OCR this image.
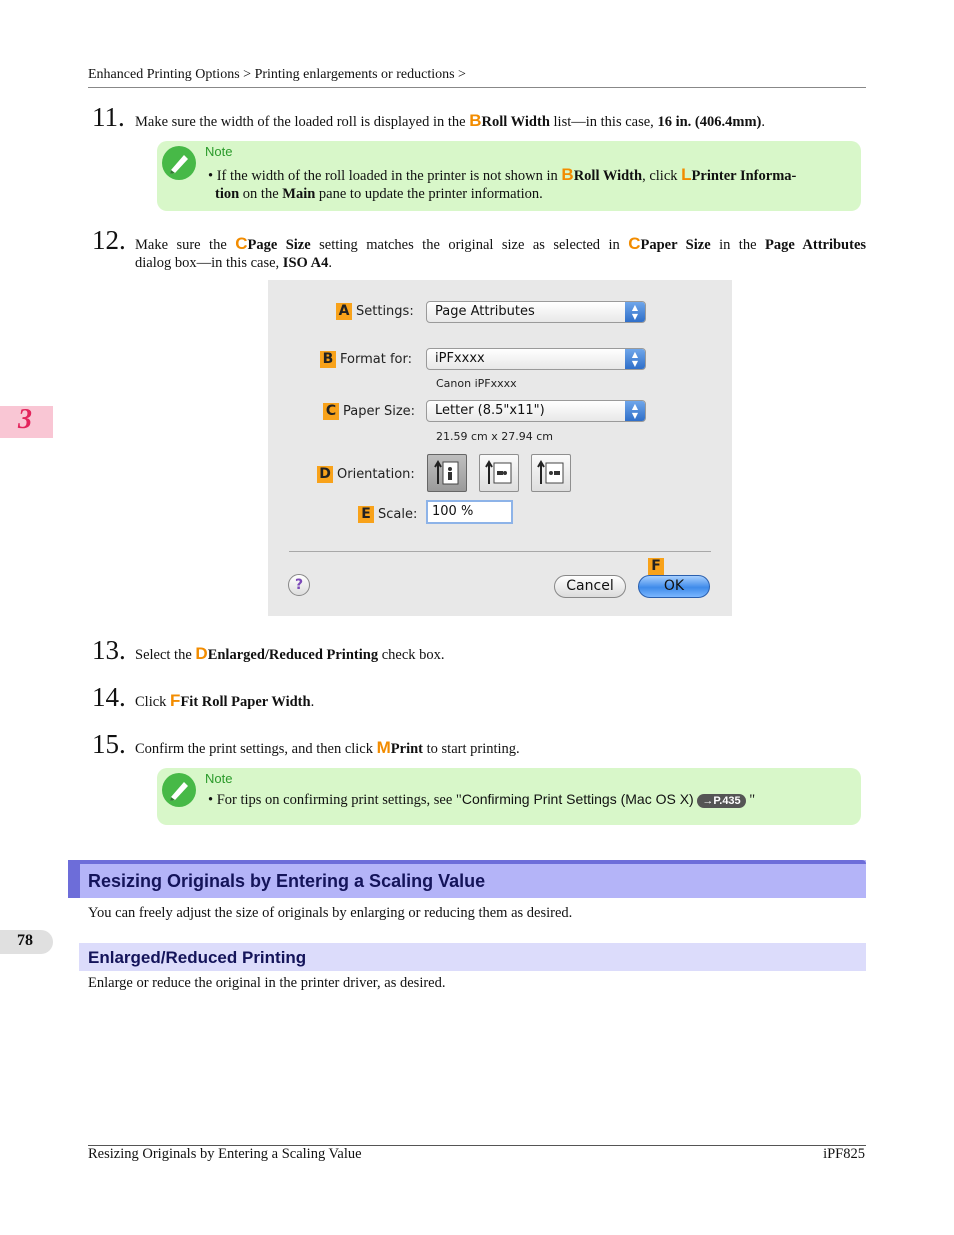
Enhanced Printing Options > Printing enlargements or reductions >
3
11. Make sure the width of the loaded roll is displayed in the BRoll Width list—in this case, 16 in. (406.4mm).
Note
• If the width of the roll loaded in the printer is not shown in BRoll Width, click LPrinter Informa-
tion on the Main pane to update the printer information.
12. Make sure the CPage Size setting matches the original size as selected in CPaper Size in the Page Attributes
dialog box—in this case, ISO A4.
A Settings: Page Attributes	▲
▼
B Format for: iPFxxxx	▲
▼
Canon iPFxxxx
C Paper Size: Letter (8.5"x11")	▲
▼
21.59 cm x 27.94 cm
D Orientation:
E Scale: 100 %
?
F
Cancel	OK
13. Select the DEnlarged/Reduced Printing check box.
14. Click FFit Roll Paper Width.
15. Confirm the print settings, and then click MPrint to start printing.
Note
• For tips on confirming print settings, see "Confirming Print Settings (Mac OS X) →P.435 "
Resizing Originals by Entering a Scaling Value
You can freely adjust the size of originals by enlarging or reducing them as desired.
78
Enlarged/Reduced Printing
Enlarge or reduce the original in the printer driver, as desired.
Resizing Originals by Entering a Scaling Value	iPF825
